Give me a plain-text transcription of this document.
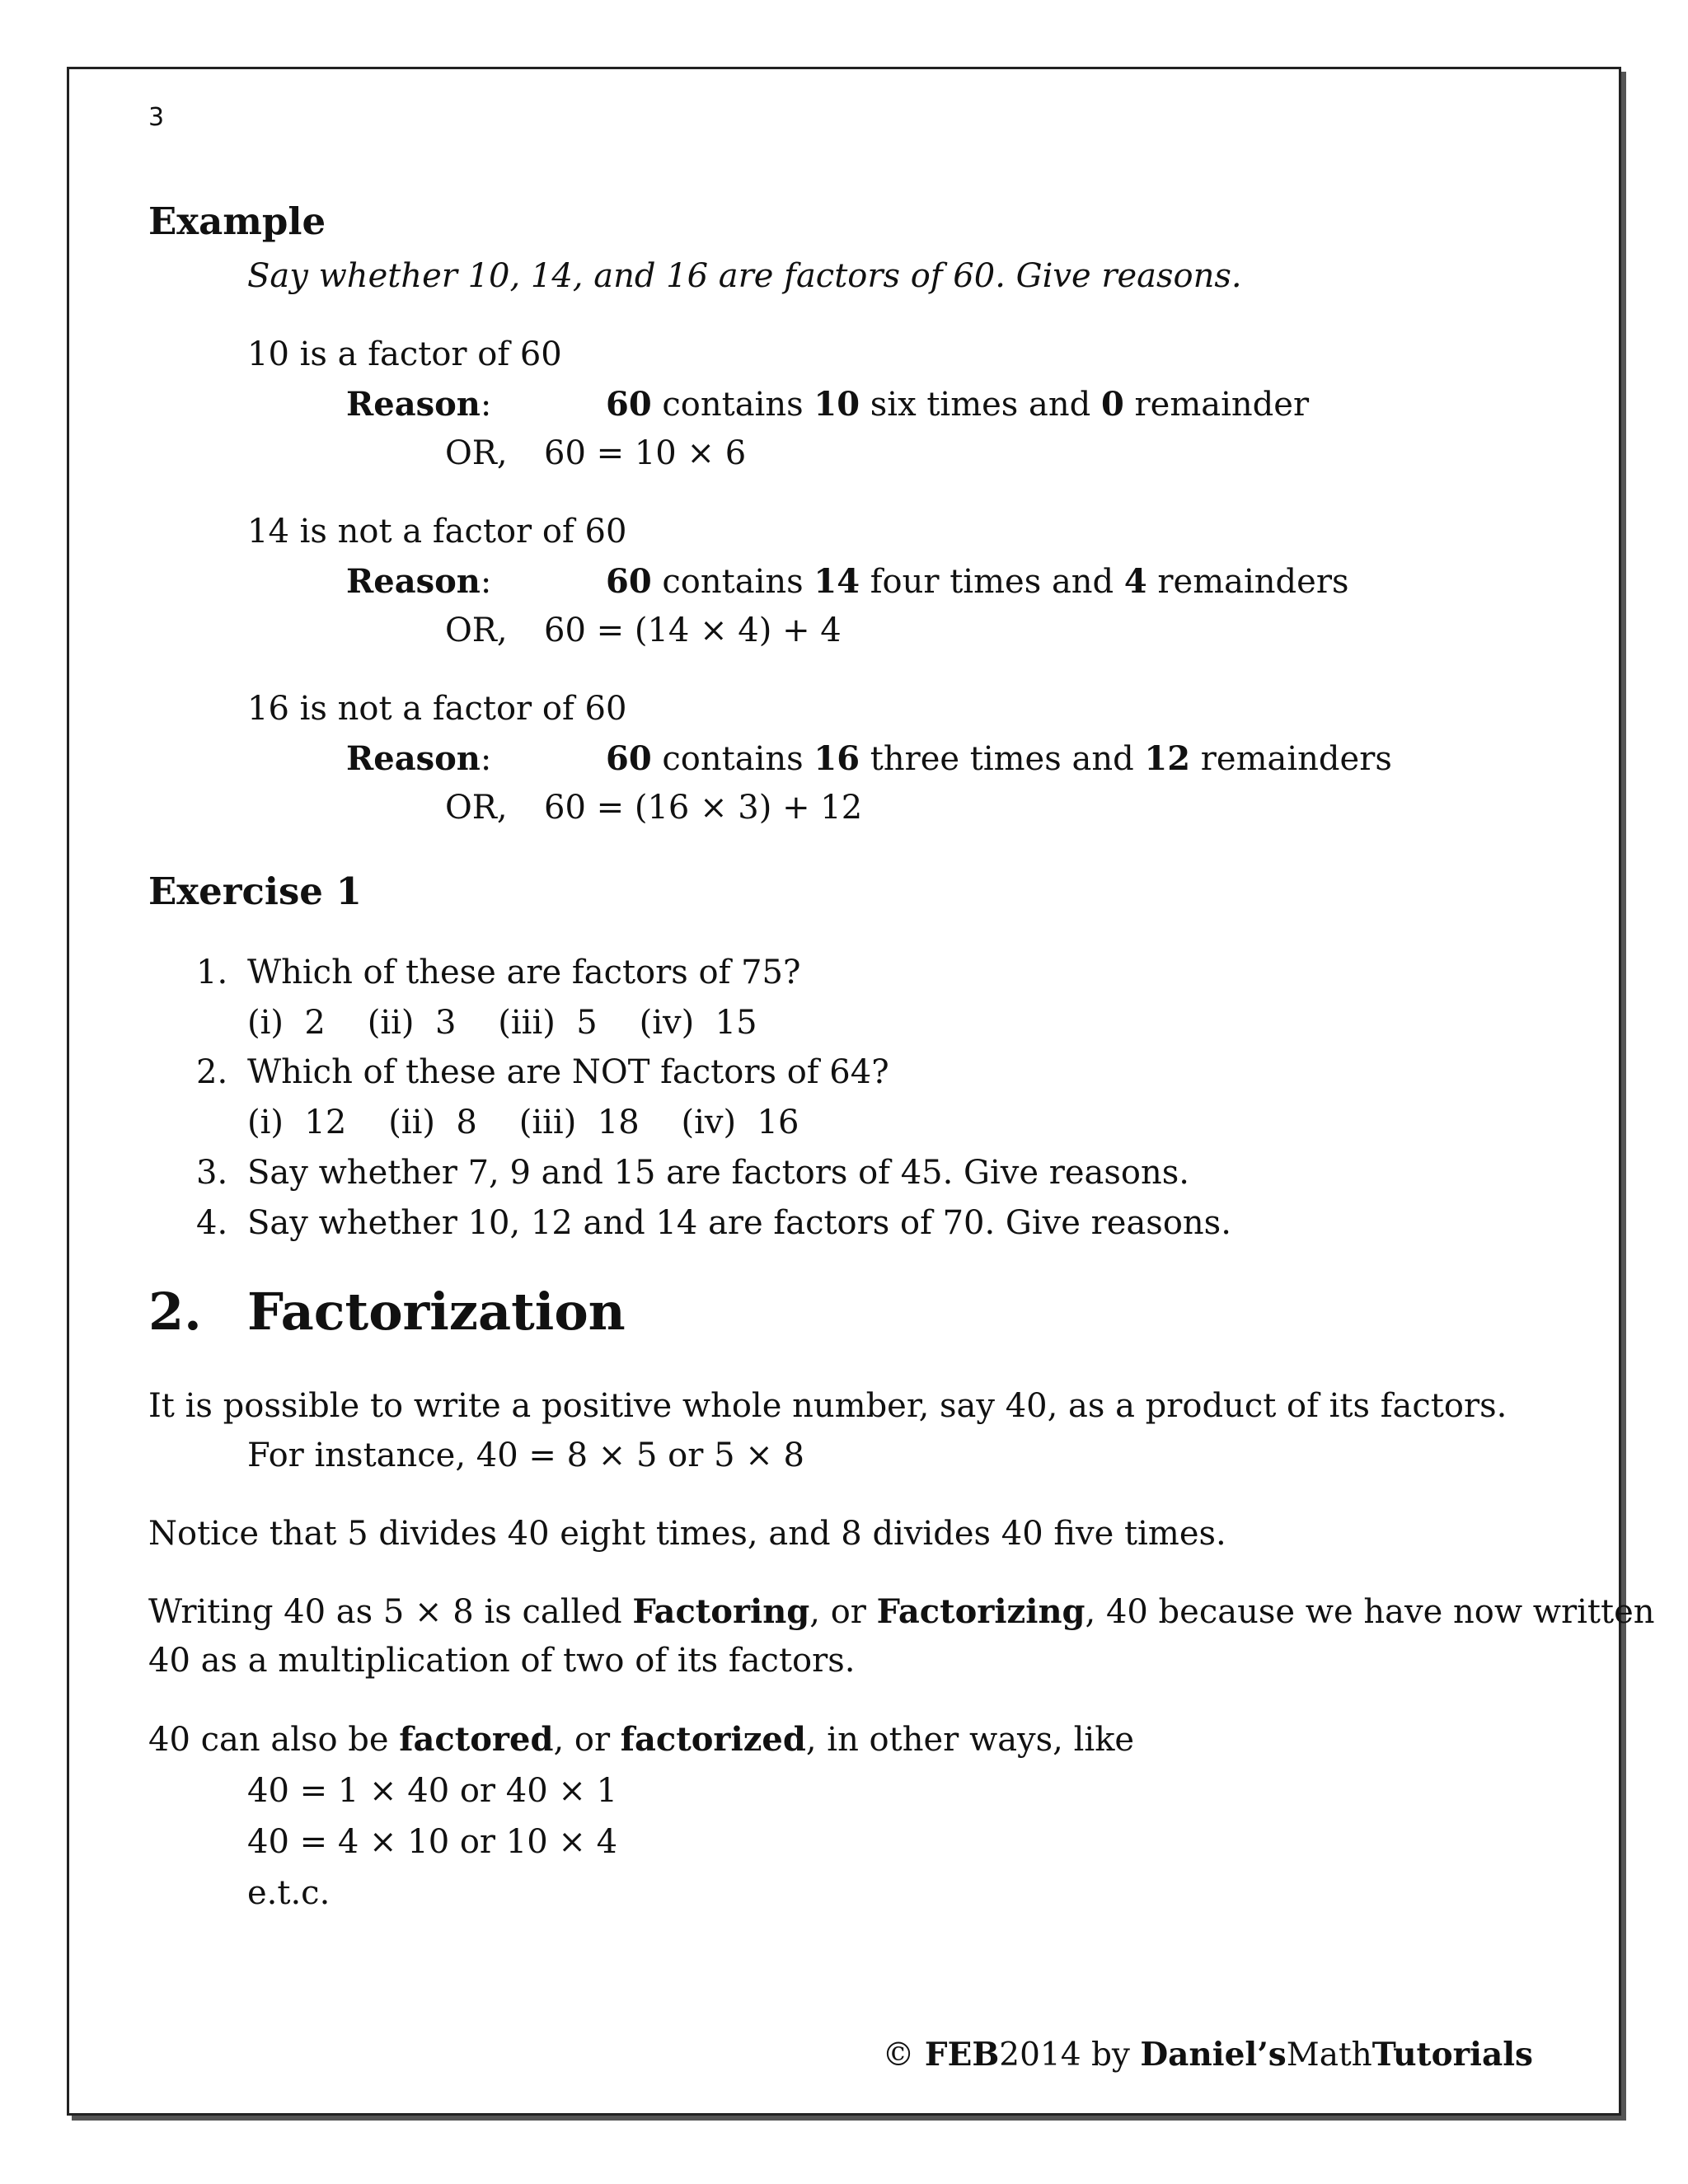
3
Example
Say whether 10, 14, and 16 are factors of 60. Give reasons.
10 is a factor of 60
Reason:	60 contains 10 six times and 0 remainder
OR, 60 = 10 × 6
14 is not a factor of 60
Reason:	60 contains 14 four times and 4 remainders
OR, 60 = (14 × 4) + 4
16 is not a factor of 60
Reason:	60 contains 16 three times and 12 remainders
OR, 60 = (16 × 3) + 12
Exercise 1
1. Which of these are factors of 75?
(i)  2    (ii)  3    (iii)  5    (iv)  15
2. Which of these are NOT factors of 64?
(i)  12    (ii)  8    (iii)  18    (iv)  16
3. Say whether 7, 9 and 15 are factors of 45. Give reasons.
4. Say whether 10, 12 and 14 are factors of 70. Give reasons.
2. Factorization
It is possible to write a positive whole number, say 40, as a product of its factors.
For instance, 40 = 8 × 5 or 5 × 8
Notice that 5 divides 40 eight times, and 8 divides 40 five times.
Writing 40 as 5 × 8 is called Factoring, or Factorizing, 40 because we have now written
40 as a multiplication of two of its factors.
40 can also be factored, or factorized, in other ways, like
40 = 1 × 40 or 40 × 1
40 = 4 × 10 or 10 × 4
e.t.c.
© FEB2014 by Daniel’sMathTutorials
